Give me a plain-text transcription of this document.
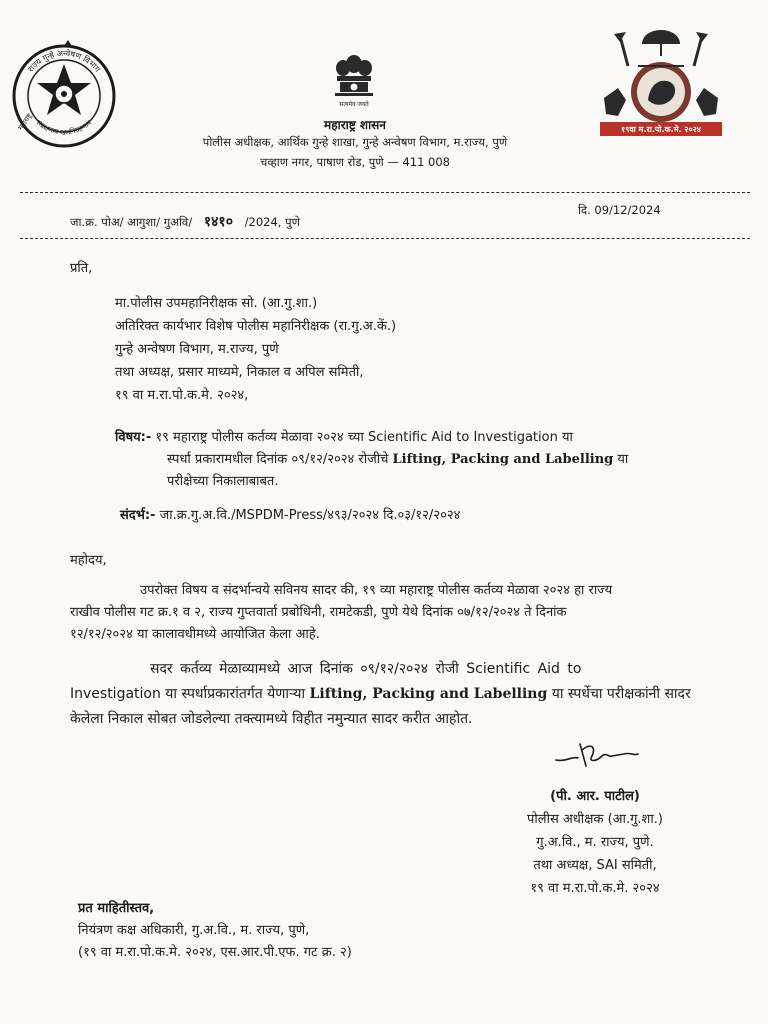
राज्य गुन्हे अन्वेषण विभाग
सद्रक्षणाय खलनिग्रहणाय
महाराष्ट्र
सत्यमेव जयते
१९वा म.रा.पो.क.मे. २०२४
महाराष्ट्र शासन
पोलीस अधीक्षक, आर्थिक गुन्हे शाखा, गुन्हे अन्वेषण विभाग, म.राज्य, पुणे
चव्हाण नगर, पाषाण रोड, पुणे — 411 008
जा.क्र. पोअ/ आगुशा/ गुअवि/ १४१० /2024, पुणे
दि. 09/12/2024
प्रति,
मा.पोलीस उपमहानिरीक्षक सो. (आ.गु.शा.)
अतिरिक्त कार्यभार विशेष पोलीस महानिरीक्षक (रा.गु.अ.कें.)
गुन्हे अन्वेषण विभाग, म.राज्य, पुणे
तथा अध्यक्ष, प्रसार माध्यमे, निकाल व अपिल समिती,
१९ वा म.रा.पो.क.मे. २०२४,
विषय:- १९ महाराष्ट्र पोलीस कर्तव्य मेळावा २०२४ च्या Scientific Aid to Investigation या
स्पर्धा प्रकारामधील दिनांक ०९/१२/२०२४ रोजीचे Lifting, Packing and Labelling या
परीक्षेच्या निकालाबाबत.
संदर्भ:- जा.क्र.गु.अ.वि./MSPDM-Press/४९३/२०२४ दि.०३/१२/२०२४
महोदय,
उपरोक्त विषय व संदर्भान्वये सविनय सादर की, १९ व्या महाराष्ट्र पोलीस कर्तव्य मेळावा २०२४ हा राज्य
राखीव पोलीस गट क्र.१ व २, राज्य गुप्तवार्ता प्रबोधिनी, रामटेकडी, पुणे येथे दिनांक ०७/१२/२०२४ ते दिनांक
१२/१२/२०२४ या कालावधीमध्ये आयोजित केला आहे.
सदर कर्तव्य मेळाव्यामध्ये आज दिनांक ०९/१२/२०२४ रोजी Scientific Aid to
Investigation या स्पर्धाप्रकारांतर्गत येणाऱ्या Lifting, Packing and Labelling या स्पर्धेचा परीक्षकांनी सादर
केलेला निकाल सोबत जोडलेल्या तक्त्यामध्ये विहीत नमुन्यात सादर करीत आहोत.
(पी. आर. पाटील)
पोलीस अधीक्षक (आ.गु.शा.)
गु.अ.वि., म. राज्य, पुणे.
तथा अध्यक्ष, SAI समिती,
१९ वा म.रा.पो.क.मे. २०२४
प्रत माहितीस्तव,
नियंत्रण कक्ष अधिकारी, गु.अ.वि., म. राज्य, पुणे,
(१९ वा म.रा.पो.क.मे. २०२४, एस.आर.पी.एफ. गट क्र. २)
